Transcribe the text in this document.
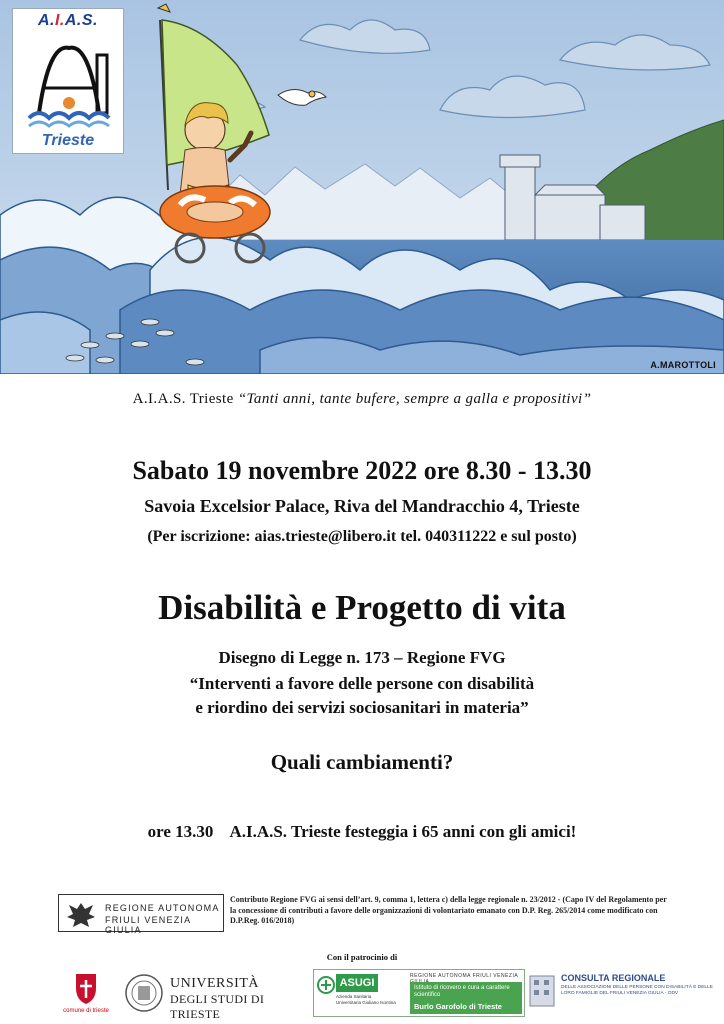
A.I.A.S.
Trieste
A.MAROTTOLI
A.I.A.S. Trieste “Tanti anni, tante bufere, sempre a galla e propositivi”
Sabato 19 novembre 2022 ore 8.30 - 13.30
Savoia Excelsior Palace, Riva del Mandracchio 4, Trieste
(Per iscrizione: aias.trieste@libero.it tel. 040311222 e sul posto)
Disabilità e Progetto di vita
Disegno di Legge n. 173 – Regione FVG
“Interventi a favore delle persone con disabilità
e riordino dei servizi sociosanitari in materia”
Quali cambiamenti?
ore 13.30 A.I.A.S. Trieste festeggia i 65 anni con gli amici!
REGIONE AUTONOMA
FRIULI VENEZIA GIULIA
Contributo Regione FVG ai sensi dell’art. 9, comma 1, lettera c) della legge regionale n. 23/2012 - (Capo IV del Regolamento per la concessione di contributi a favore delle organizzazioni di volontariato emanato con D.P. Reg. 265/2014 come modificato con D.P.Reg. 016/2018)
Con il patrocinio di
comune di trieste
UNIVERSITÀ
DEGLI STUDI DI TRIESTE
ASUGI
Azienda Sanitaria Universitaria Giuliano Isontina
REGIONE AUTONOMA FRIULI VENEZIA
Istituto di ricovero e cura a carattere scientifico
Burlo Garofolo di Trieste
CONSULTA REGIONALE
DELLE ASSOCIAZIONI DELLE PERSONE CON DISABILITÀ E DELLE LORO FAMIGLIE DEL FRIULI VENEZIA GIULIA - ODV
